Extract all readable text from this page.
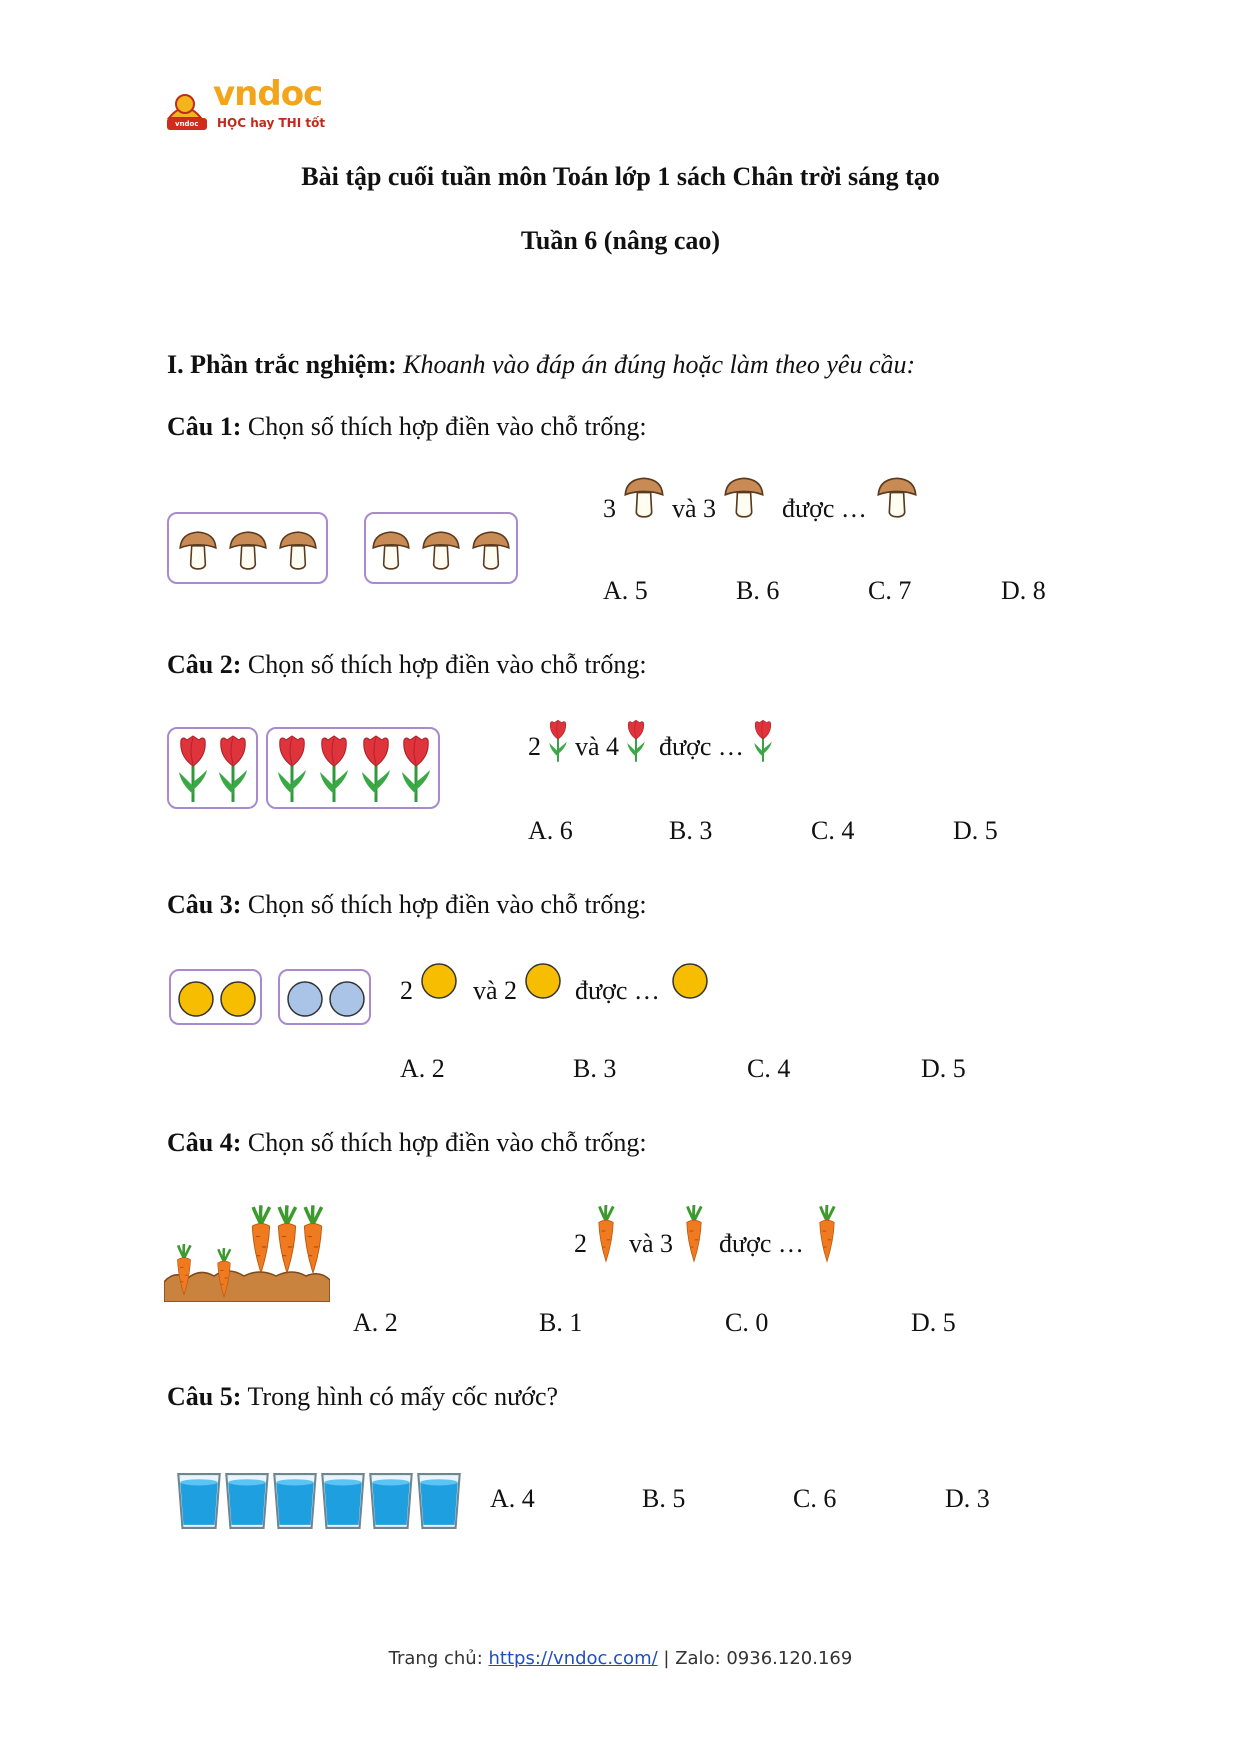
vndoc
vndoc
HỌC hay THI tốt
Bài tập cuối tuần môn Toán lớp 1 sách Chân trời sáng tạo
Tuần 6 (nâng cao)
I. Phần trắc nghiệm: Khoanh vào đáp án đúng hoặc làm theo yêu cầu:
Câu 1: Chọn số thích hợp điền vào chỗ trống:
3 và 3	được …
A. 5	B. 6	C. 7	D. 8
Câu 2: Chọn số thích hợp điền vào chỗ trống:
2 và 4 được …
A. 6	B. 3	C. 4	D. 5
Câu 3: Chọn số thích hợp điền vào chỗ trống:
2 và 2 được …
A. 2	B. 3	C. 4	D. 5
Câu 4: Chọn số thích hợp điền vào chỗ trống:
2 và 3 được …
A. 2	B. 1	C. 0	D. 5
Câu 5: Trong hình có mấy cốc nước?
A. 4	B. 5	C. 6	D. 3
Trang chủ: https://vndoc.com/ | Zalo: 0936.120.169
